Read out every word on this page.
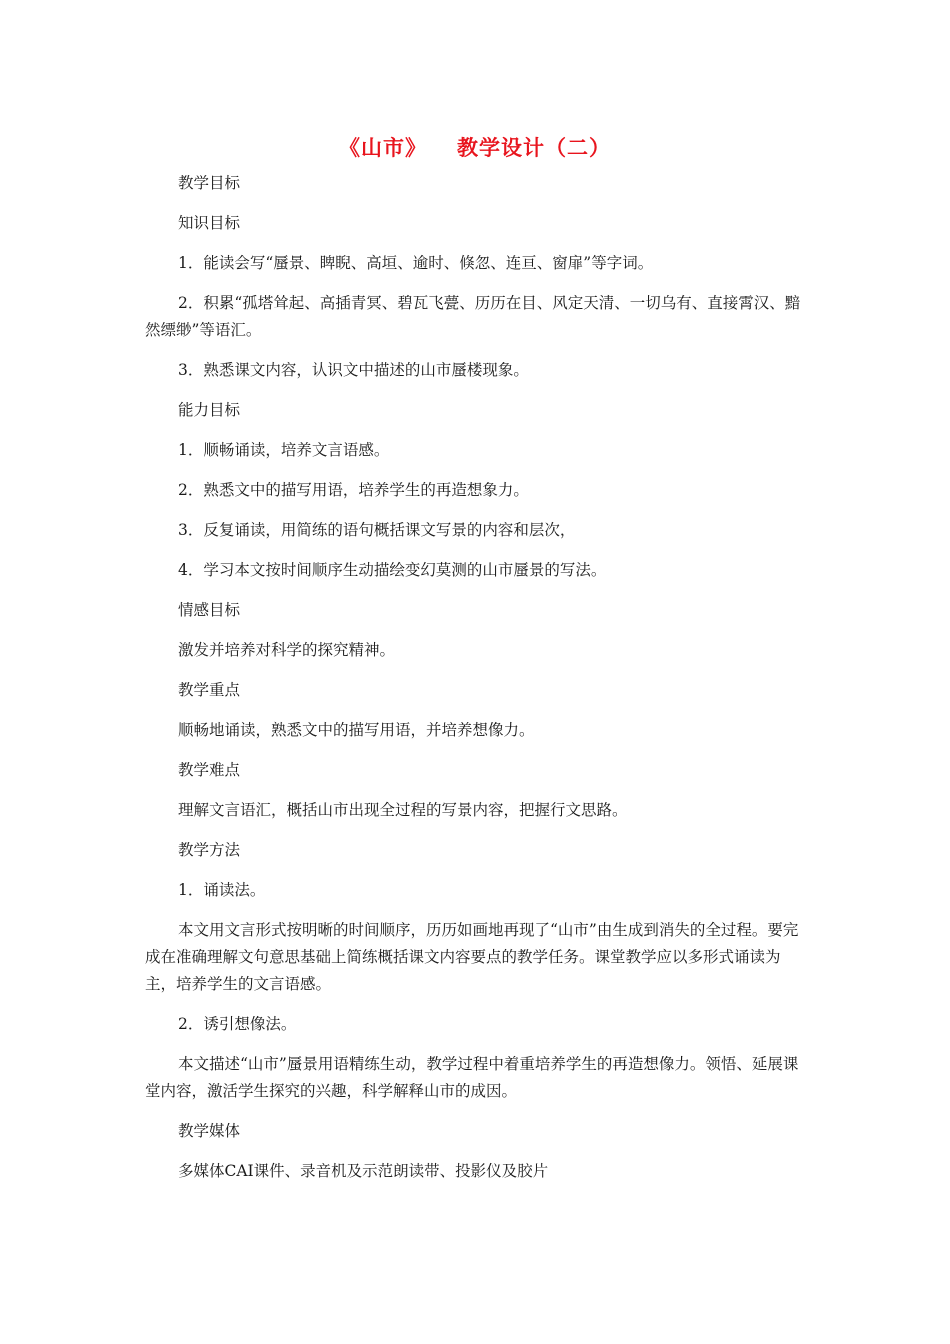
《山市》 教学设计（二）

教学目标

知识目标

1．能读会写“蜃景、睥睨、高垣、逾时、倏忽、连亘、窗扉”等字词。

2．积累“孤塔耸起、高插青冥、碧瓦飞甍、历历在目、风定天清、一切乌有、直接霄汉、黯然缥缈”等语汇。

3．熟悉课文内容，认识文中描述的山市蜃楼现象。

能力目标

1．顺畅诵读，培养文言语感。

2．熟悉文中的描写用语，培养学生的再造想象力。

3．反复诵读，用简练的语句概括课文写景的内容和层次，

4．学习本文按时间顺序生动描绘变幻莫测的山市蜃景的写法。

情感目标

激发并培养对科学的探究精神。

教学重点

顺畅地诵读，熟悉文中的描写用语，并培养想像力。

教学难点

理解文言语汇，概括山市出现全过程的写景内容，把握行文思路。

教学方法

1．诵读法。

本文用文言形式按明晰的时间顺序，历历如画地再现了“山市”由生成到消失的全过程。要完成在准确理解文句意思基础上简练概括课文内容要点的教学任务。课堂教学应以多形式诵读为主，培养学生的文言语感。

2．诱引想像法。

本文描述“山市”蜃景用语精练生动，教学过程中着重培养学生的再造想像力。领悟、延展课堂内容，激活学生探究的兴趣，科学解释山市的成因。

教学媒体

多媒体CAI课件、录音机及示范朗读带、投影仪及胶片
